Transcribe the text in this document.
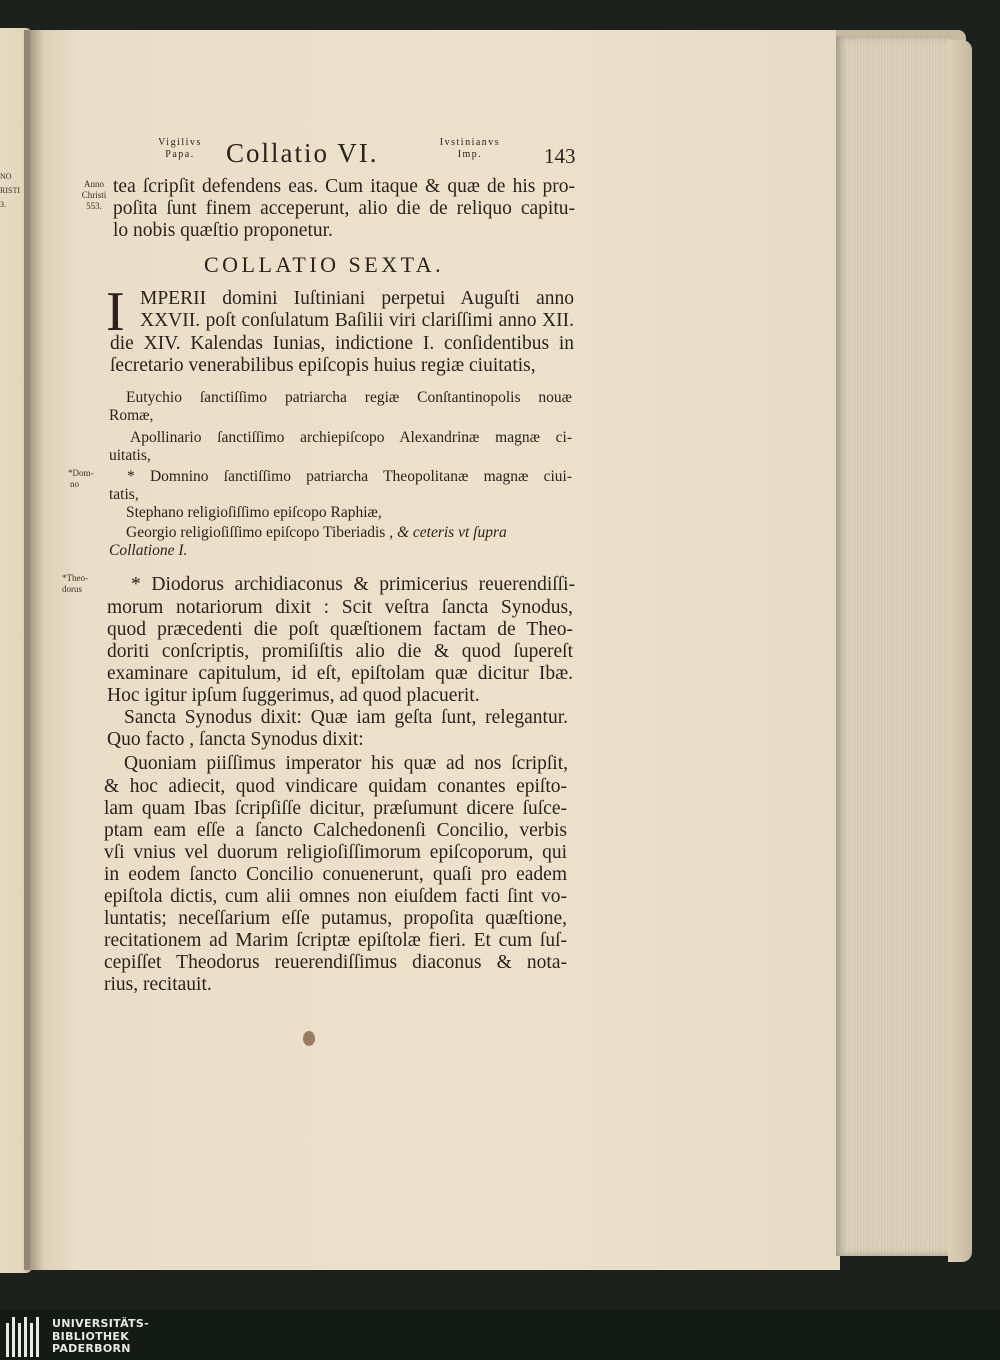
NO
RISTI
3.
Vigilivs
Papa.	Collatio VI.	Ivstinianvs
Imp.	143
Anno
Christi
553.
*Dom-
no
*Theo-
dorus
tea ſcripſit defendens eas. Cum itaque & quæ de his pro-
poſita ſunt finem acceperunt, alio die de reliquo capitu-
lo nobis quæſtio proponetur.
COLLATIO SEXTA.
I MPERII domini Iuſtiniani perpetui Auguſti anno
XXVII. poſt conſulatum Baſilii viri clariſſimi anno XII.
die XIV. Kalendas Iunias, indictione I. conſidentibus in
ſecretario venerabilibus epiſcopis huius regiæ ciuitatis,
Eutychio ſanctiſſimo patriarcha regiæ Conſtantinopolis nouæ
Romæ,
Apollinario ſanctiſſimo archiepiſcopo Alexandrinæ magnæ ci-
uitatis,
* Domnino ſanctiſſimo patriarcha Theopolitanæ magnæ ciui-
tatis,
Stephano religioſiſſimo epiſcopo Raphiæ,
Georgio religioſiſſimo epiſcopo Tiberiadis , & ceteris vt ſupra
Collatione I.
* Diodorus archidiaconus & primicerius reuerendiſſi-
morum notariorum dixit : Scit veſtra ſancta Synodus,
quod præcedenti die poſt quæſtionem factam de Theo-
doriti conſcriptis, promiſiſtis alio die & quod ſupereſt
examinare capitulum, id eſt, epiſtolam quæ dicitur Ibæ.
Hoc igitur ipſum ſuggerimus, ad quod placuerit.
Sancta Synodus dixit: Quæ iam geſta ſunt, relegantur.
Quo facto , ſancta Synodus dixit:
Quoniam piiſſimus imperator his quæ ad nos ſcripſit,
& hoc adiecit, quod vindicare quidam conantes epiſto-
lam quam Ibas ſcripſiſſe dicitur, præſumunt dicere ſuſce-
ptam eam eſſe a ſancto Calchedonenſi Concilio, verbis
vſi vnius vel duorum religioſiſſimorum epiſcoporum, qui
in eodem ſancto Concilio conuenerunt, quaſi pro eadem
epiſtola dictis, cum alii omnes non eiuſdem facti ſint vo-
luntatis; neceſſarium eſſe putamus, propoſita quæſtione,
recitationem ad Marim ſcriptæ epiſtolæ fieri. Et cum ſuſ-
cepiſſet Theodorus reuerendiſſimus diaconus & nota-
rius, recitauit.
UNIVERSITÄTS-
BIBLIOTHEK
PADERBORN
